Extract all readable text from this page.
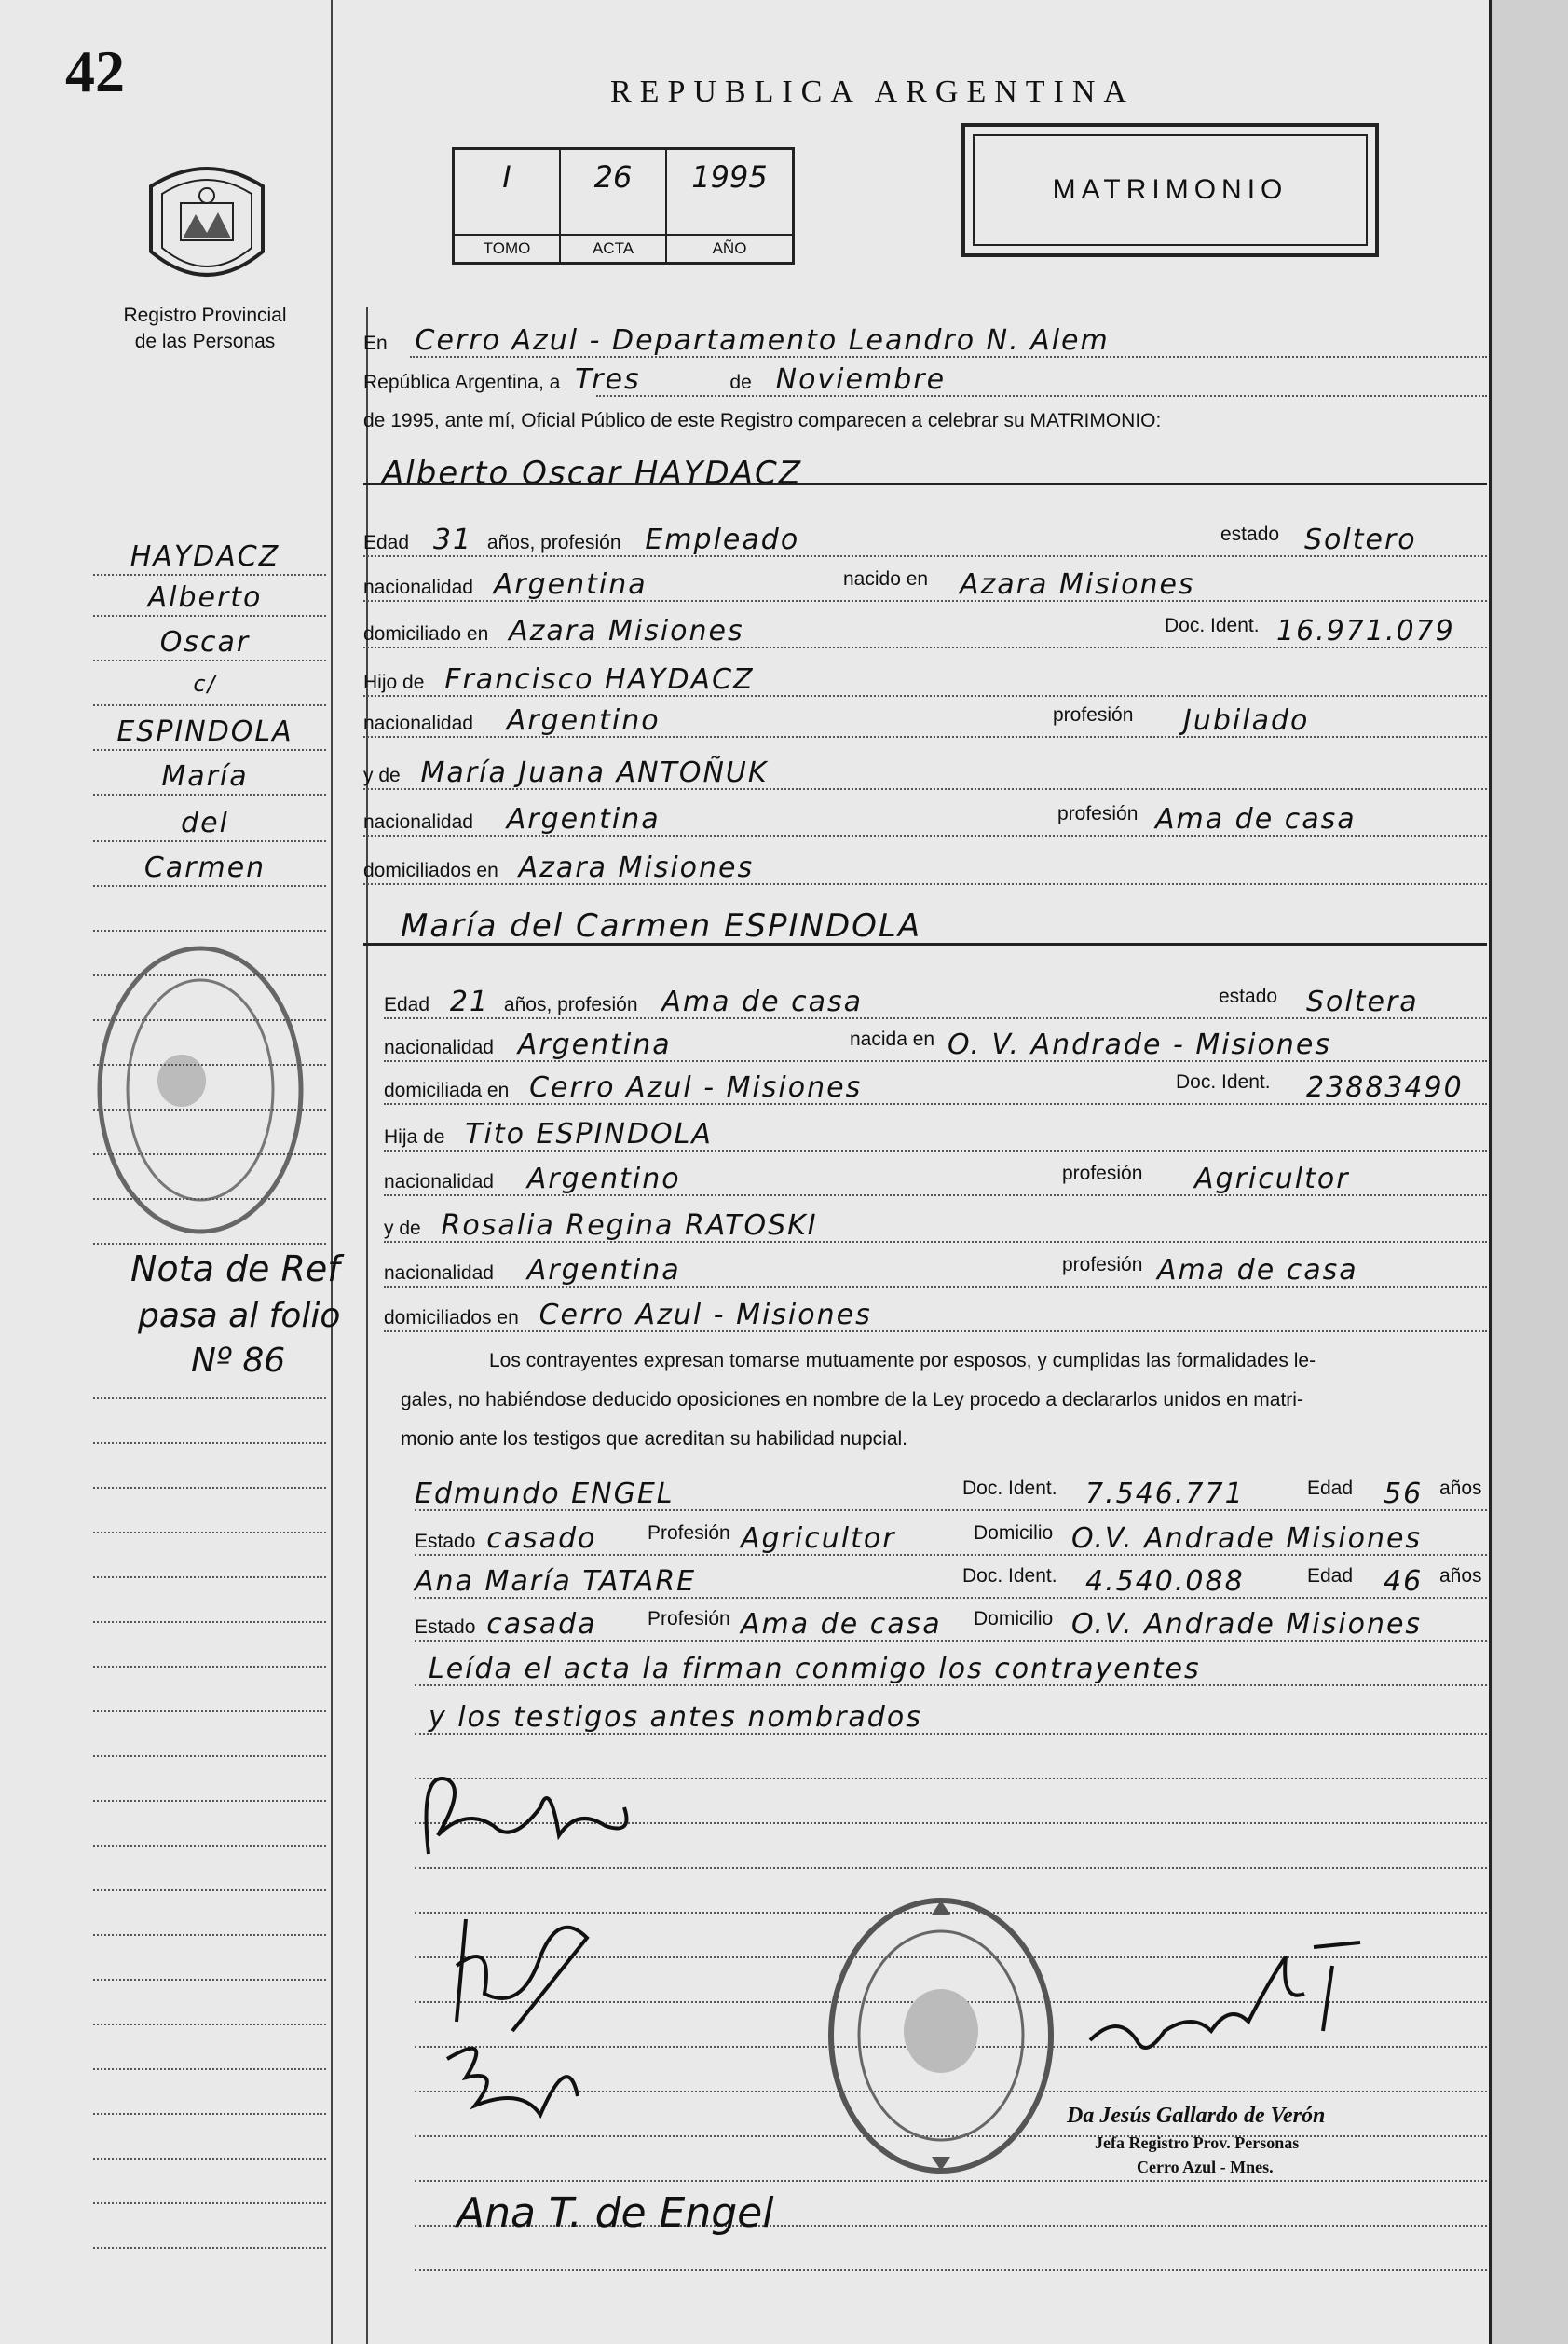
42	REPUBLICA ARGENTINA
I
TOMO
26
ACTA
1995
AÑO
MATRIMONIO
Registro Provincial
de las Personas	En Cerro Azul - Departamento Leandro N. Alem
República Argentina, a Tres	de Noviembre
de 1995, ante mí, Oficial Público de este Registro comparecen a celebrar su MATRIMONIO:
Alberto Oscar HAYDACZ
Edad 31 años, profesión Empleado	estado Soltero
nacionalidad Argentina	nacido en Azara Misiones
domiciliado en Azara Misiones	Doc. Ident. 16.971.079
Hijo de Francisco HAYDACZ
nacionalidad Argentino	profesión Jubilado
y de María Juana ANTOÑUK
nacionalidad Argentina	profesión Ama de casa
domiciliados en Azara Misiones
María del Carmen ESPINDOLA
Edad 21 años, profesión Ama de casa	estado Soltera
nacionalidad Argentina	nacida en O. V. Andrade - Misiones
domiciliada en Cerro Azul - Misiones	Doc. Ident. 23883490
Hija de Tito ESPINDOLA
nacionalidad Argentino	profesión Agricultor
y de Rosalia Regina RATOSKI
nacionalidad Argentina	profesión Ama de casa
domiciliados en Cerro Azul - Misiones
Los contrayentes expresan tomarse mutuamente por esposos, y cumplidas las formalidades le-
gales, no habiéndose deducido oposiciones en nombre de la Ley procedo a declararlos unidos en matri-
monio ante los testigos que acreditan su habilidad nupcial.
Edmundo ENGEL	Doc. Ident. 7.546.771	Edad 56 años
Estado casado	Profesión Agricultor	Domicilio O.V. Andrade Misiones
Ana María TATARE	Doc. Ident. 4.540.088	Edad 46 años
Estado casada	Profesión Ama de casa Domicilio O.V. Andrade Misiones
Leída el acta la firman conmigo los contrayentes
y los testigos antes nombrados
HAYDACZ
Alberto
Oscar
c/
ESPINDOLA
María
del
Carmen
Nota de Ref
pasa al folio
Nº 86
Ana T. de Engel
Da Jesús Gallardo de Verón
Jefa Registro Prov. Personas
Cerro Azul - Mnes.
